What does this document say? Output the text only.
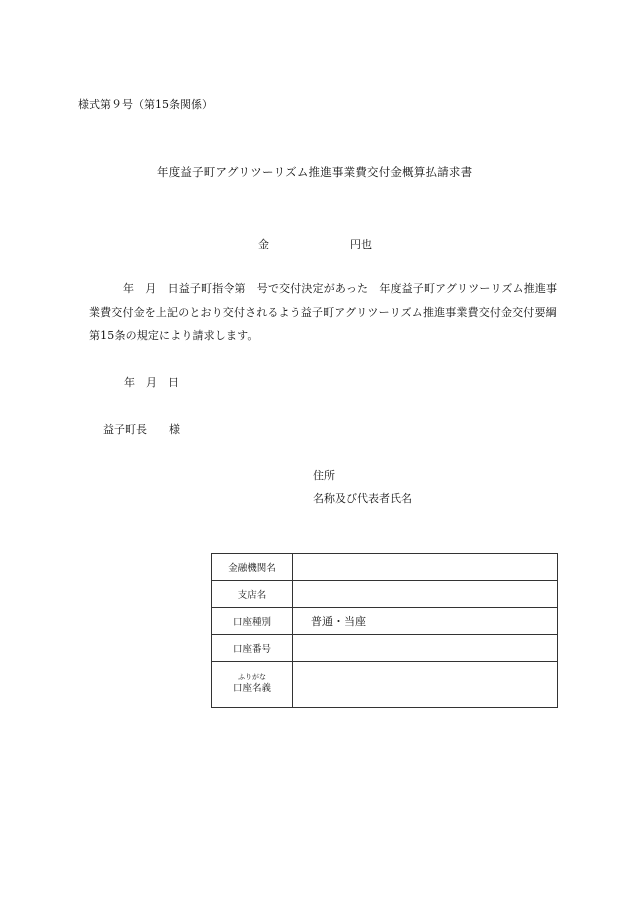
様式第９号（第15条関係）
年度益子町アグリツーリズム推進事業費交付金概算払請求書
金	円也
年　月　日益子町指令第　号で交付決定があった　年度益子町アグリツーリズム推進事業費交付金を上記のとおり交付されるよう益子町アグリツーリズム推進事業費交付金交付要綱第15条の規定により請求します。
年　月　日
益子町長　　様
住所
名称及び代表者氏名
金融機関名	
支店名	
口座種別	普通・当座
口座番号	

ふりがな
口座名義	
